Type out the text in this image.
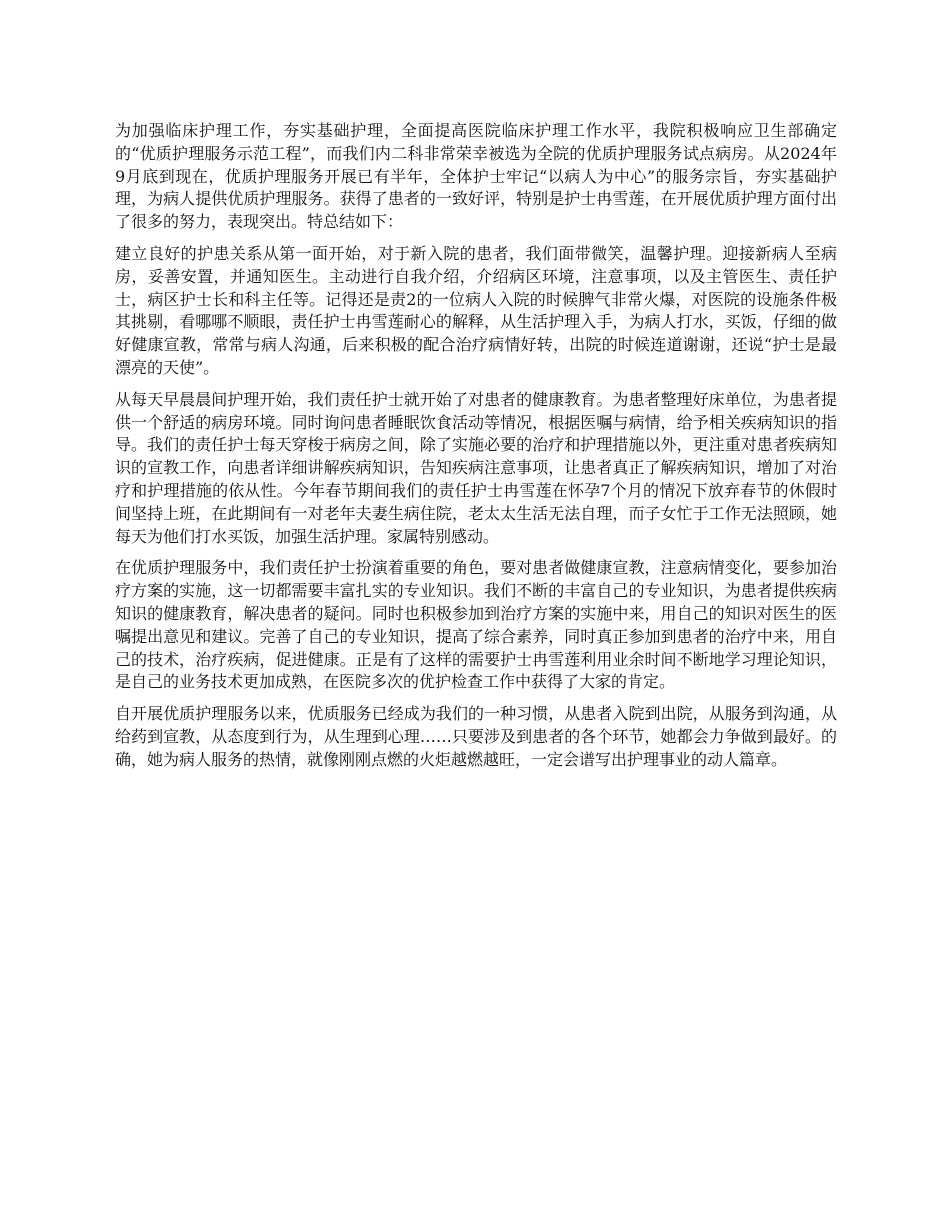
为加强临床护理工作，夯实基础护理，全面提高医院临床护理工作水平，我院积极响应卫生部确定的“优质护理服务示范工程”，而我们内二科非常荣幸被选为全院的优质护理服务试点病房。从2024年9月底到现在，优质护理服务开展已有半年，全体护士牢记“以病人为中心”的服务宗旨，夯实基础护理，为病人提供优质护理服务。获得了患者的一致好评，特别是护士冉雪莲，在开展优质护理方面付出了很多的努力，表现突出。特总结如下：

建立良好的护患关系从第一面开始，对于新入院的患者，我们面带微笑，温馨护理。迎接新病人至病房，妥善安置，并通知医生。主动进行自我介绍，介绍病区环境，注意事项，以及主管医生、责任护士，病区护士长和科主任等。记得还是责2的一位病人入院的时候脾气非常火爆，对医院的设施条件极其挑剔，看哪哪不顺眼，责任护士冉雪莲耐心的解释，从生活护理入手，为病人打水，买饭，仔细的做好健康宣教，常常与病人沟通，后来积极的配合治疗病情好转，出院的时候连道谢谢，还说“护士是最漂亮的天使”。

从每天早晨晨间护理开始，我们责任护士就开始了对患者的健康教育。为患者整理好床单位，为患者提供一个舒适的病房环境。同时询问患者睡眠饮食活动等情况，根据医嘱与病情，给予相关疾病知识的指导。我们的责任护士每天穿梭于病房之间，除了实施必要的治疗和护理措施以外，更注重对患者疾病知识的宣教工作，向患者详细讲解疾病知识，告知疾病注意事项，让患者真正了解疾病知识，增加了对治疗和护理措施的依从性。今年春节期间我们的责任护士冉雪莲在怀孕7个月的情况下放弃春节的休假时间坚持上班，在此期间有一对老年夫妻生病住院，老太太生活无法自理，而子女忙于工作无法照顾，她每天为他们打水买饭，加强生活护理。家属特别感动。

在优质护理服务中，我们责任护士扮演着重要的角色，要对患者做健康宣教，注意病情变化，要参加治疗方案的实施，这一切都需要丰富扎实的专业知识。我们不断的丰富自己的专业知识，为患者提供疾病知识的健康教育，解决患者的疑问。同时也积极参加到治疗方案的实施中来，用自己的知识对医生的医嘱提出意见和建议。完善了自己的专业知识，提高了综合素养，同时真正参加到患者的治疗中来，用自己的技术，治疗疾病，促进健康。正是有了这样的需要护士冉雪莲利用业余时间不断地学习理论知识，是自己的业务技术更加成熟，在医院多次的优护检查工作中获得了大家的肯定。

自开展优质护理服务以来，优质服务已经成为我们的一种习惯，从患者入院到出院，从服务到沟通，从给药到宣教，从态度到行为，从生理到心理……只要涉及到患者的各个环节，她都会力争做到最好。的确，她为病人服务的热情，就像刚刚点燃的火炬越燃越旺，一定会谱写出护理事业的动人篇章。
